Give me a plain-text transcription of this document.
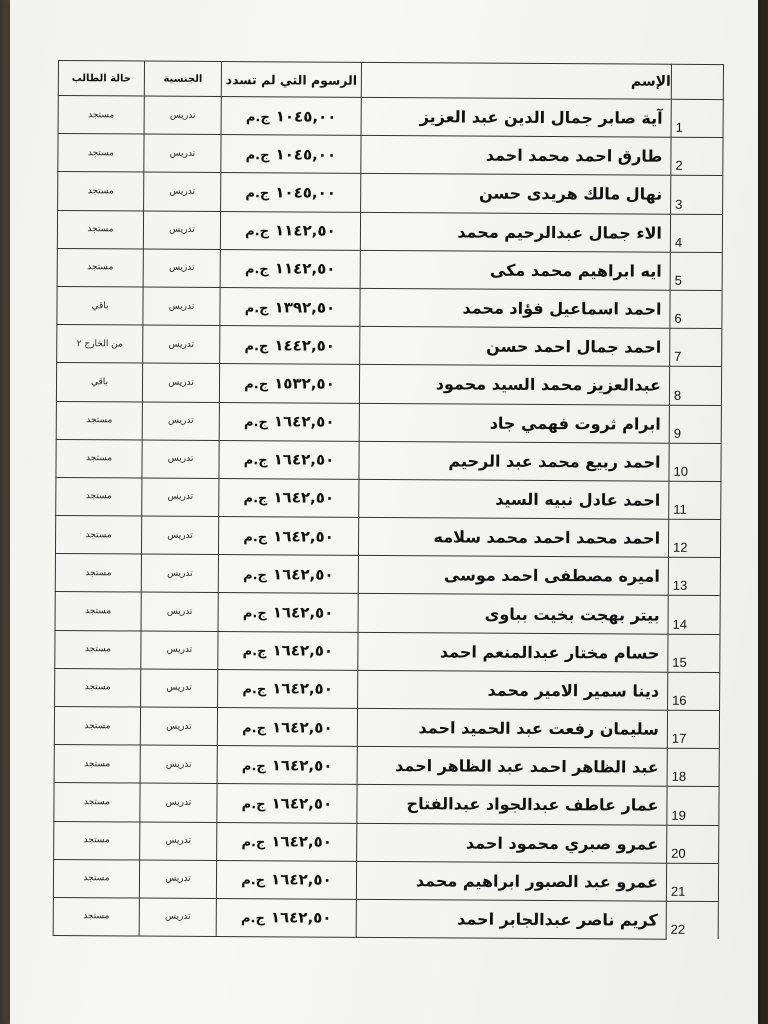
	الإسم	الرسوم التي لم تسدد	الجنسية	حالة الطالب
1	آية صابر جمال الدين عبد العزيز	١٠٤٥,٠٠ج.م	تدريس	مستجد
2	طارق احمد محمد احمد	١٠٤٥,٠٠ج.م	تدريس	مستجد
3	نهال مالك هريدى حسن	١٠٤٥,٠٠ج.م	تدريس	مستجد
4	الاء جمال عبدالرحيم محمد	١١٤٢,٥٠ج.م	تدريس	مستجد
5	ايه ابراهيم محمد مكى	١١٤٢,٥٠ج.م	تدريس	مستجد
6	احمد اسماعيل فؤاد محمد	١٣٩٢,٥٠ج.م	تدريس	باقي
7	احمد جمال احمد حسن	١٤٤٢,٥٠ج.م	تدريس	من الخارج ٢
8	عبدالعزيز محمد السيد محمود	١٥٣٢,٥٠ج.م	تدريس	باقي
9	ابرام ثروت فهمي جاد	١٦٤٢,٥٠ج.م	تدريس	مستجد
10	احمد ربيع محمد عبد الرحيم	١٦٤٢,٥٠ج.م	تدريس	مستجد
11	احمد عادل نبيه السيد	١٦٤٢,٥٠ج.م	تدريس	مستجد
12	احمد محمد احمد محمد سلامه	١٦٤٢,٥٠ج.م	تدريس	مستجد
13	اميره مصطفى احمد موسى	١٦٤٢,٥٠ج.م	تدريس	مستجد
14	بيتر بهجت بخيت بباوى	١٦٤٢,٥٠ج.م	تدريس	مستجد
15	حسام مختار عبدالمنعم احمد	١٦٤٢,٥٠ج.م	تدريس	مستجد
16	دينا سمير الامير محمد	١٦٤٢,٥٠ج.م	تدريس	مستجد
17	سليمان رفعت عبد الحميد احمد	١٦٤٢,٥٠ج.م	تدريس	مستجد
18	عبد الظاهر احمد عبد الظاهر احمد	١٦٤٢,٥٠ج.م	تدريس	مستجد
19	عمار عاطف عبدالجواد عبدالفتاح	١٦٤٢,٥٠ج.م	تدريس	مستجد
20	عمرو صبري محمود احمد	١٦٤٢,٥٠ج.م	تدريس	مستجد
21	عمرو عبد الصبور ابراهيم محمد	١٦٤٢,٥٠ج.م	تدريس	مستجد
22	كريم ناصر عبدالجابر احمد	١٦٤٢,٥٠ج.م	تدريس	مستجد
